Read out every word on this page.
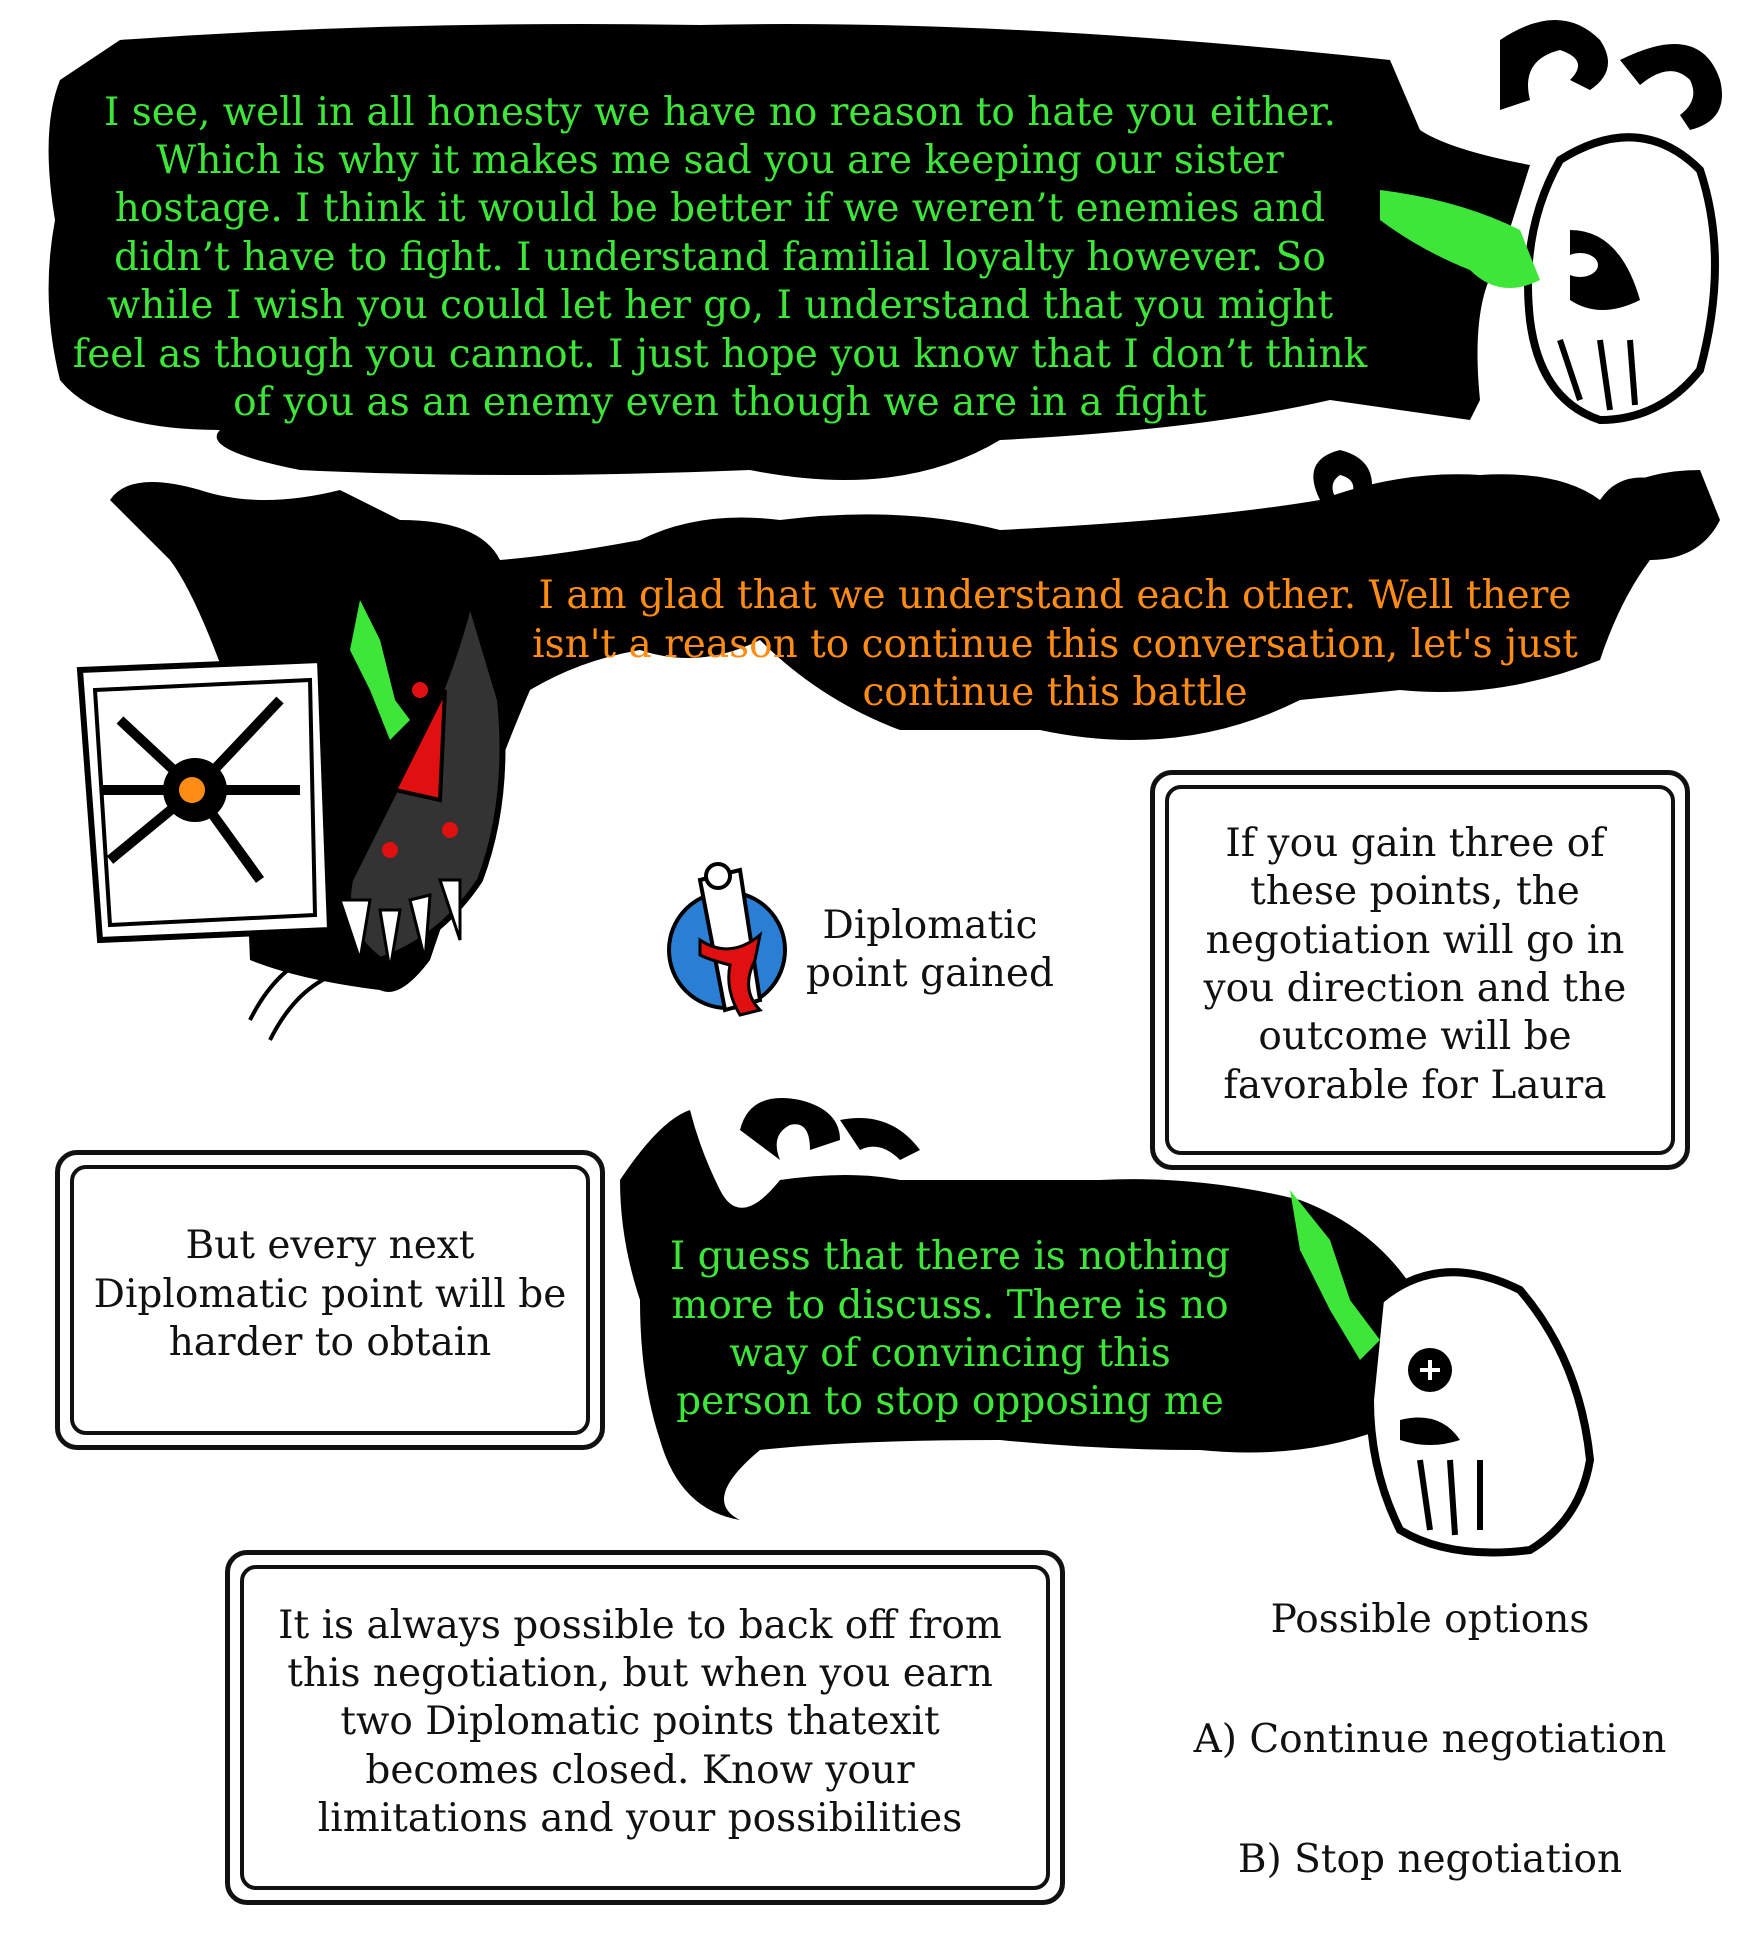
I see, well in all honesty we have no reason to hate you either. Which is why it makes me sad you are keeping our sister hostage. I think it would be better if we weren’t enemies and didn’t have to fight. I understand familial loyalty however. So while I wish you could let her go, I understand that you might feel as though you cannot. I just hope you know that I don’t think of you as an enemy even though we are in a fight
I am glad that we understand each other. Well there isn't a reason to continue this conversation, let's just continue this battle
Diplomatic point gained
If you gain three of these points, the negotiation will go in you direction and the outcome will be favorable for Laura
But every next Diplomatic point will be harder to obtain
I guess that there is nothing more to discuss. There is no way of convincing this person to stop opposing me
It is always possible to back off from this negotiation, but when you earn two Diplomatic points thatexit becomes closed. Know your limitations and your possibilities
Possible options
A) Continue negotiation
B) Stop negotiation
